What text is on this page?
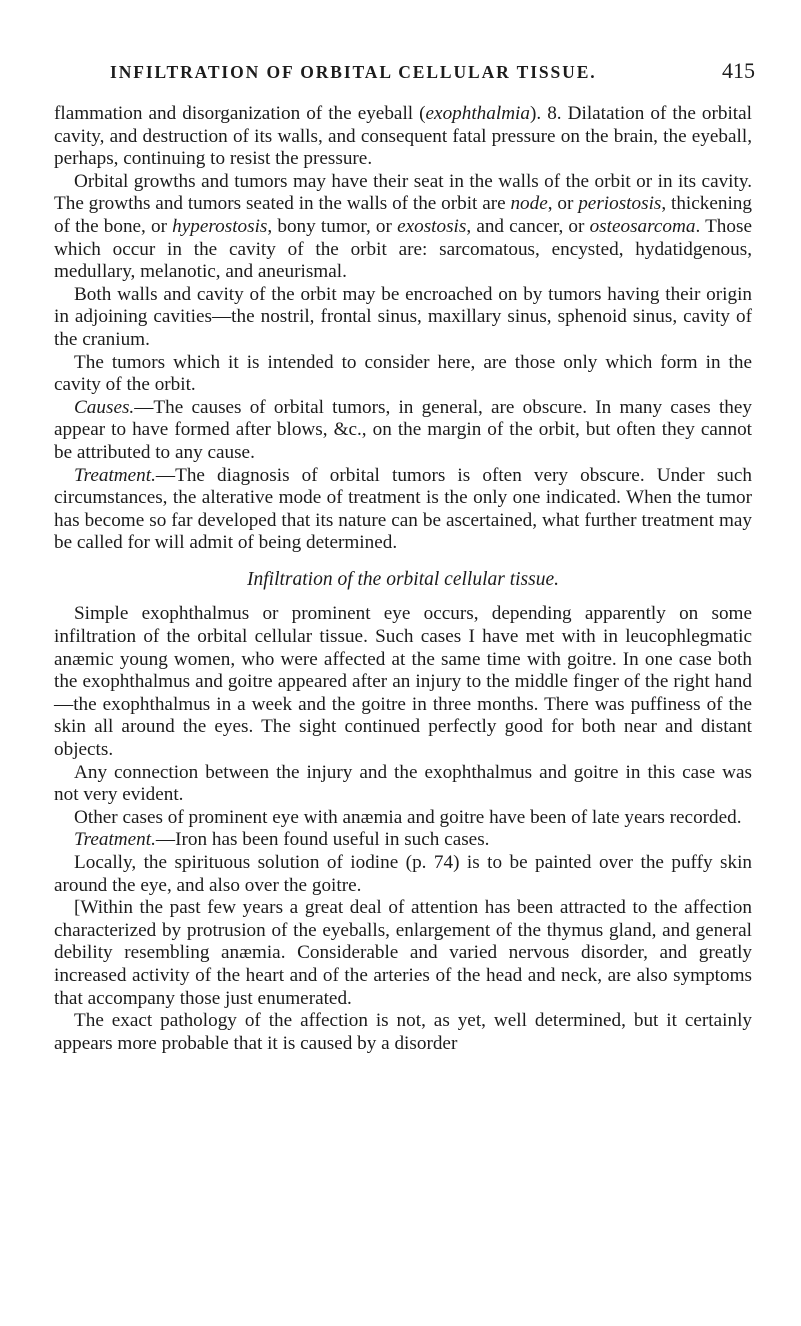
INFILTRATION OF ORBITAL CELLULAR TISSUE.	415

flammation and disorganization of the eyeball (exophthalmia). 8. Dilatation of the orbital cavity, and destruction of its walls, and consequent fatal pressure on the brain, the eyeball, perhaps, continuing to resist the pressure.

Orbital growths and tumors may have their seat in the walls of the orbit or in its cavity. The growths and tumors seated in the walls of the orbit are node, or periostosis, thickening of the bone, or hyperostosis, bony tumor, or exostosis, and cancer, or osteosarcoma. Those which occur in the cavity of the orbit are: sarcomatous, encysted, hydatidgenous, medullary, melanotic, and aneurismal.

Both walls and cavity of the orbit may be encroached on by tumors having their origin in adjoining cavities—the nostril, frontal sinus, maxillary sinus, sphenoid sinus, cavity of the cranium.

The tumors which it is intended to consider here, are those only which form in the cavity of the orbit.

Causes.—The causes of orbital tumors, in general, are obscure. In many cases they appear to have formed after blows, &c., on the margin of the orbit, but often they cannot be attributed to any cause.

Treatment.—The diagnosis of orbital tumors is often very obscure. Under such circumstances, the alterative mode of treatment is the only one indicated. When the tumor has become so far developed that its nature can be ascertained, what further treatment may be called for will admit of being determined.

Infiltration of the orbital cellular tissue.

Simple exophthalmus or prominent eye occurs, depending apparently on some infiltration of the orbital cellular tissue. Such cases I have met with in leucophlegmatic anæmic young women, who were affected at the same time with goitre. In one case both the exophthalmus and goitre appeared after an injury to the middle finger of the right hand—the exophthalmus in a week and the goitre in three months. There was puffiness of the skin all around the eyes. The sight continued perfectly good for both near and distant objects.

Any connection between the injury and the exophthalmus and goitre in this case was not very evident.

Other cases of prominent eye with anæmia and goitre have been of late years recorded.

Treatment.—Iron has been found useful in such cases.

Locally, the spirituous solution of iodine (p. 74) is to be painted over the puffy skin around the eye, and also over the goitre.

[Within the past few years a great deal of attention has been attracted to the affection characterized by protrusion of the eyeballs, enlargement of the thymus gland, and general debility resembling anæmia. Considerable and varied nervous disorder, and greatly increased activity of the heart and of the arteries of the head and neck, are also symptoms that accompany those just enumerated.

The exact pathology of the affection is not, as yet, well determined, but it certainly appears more probable that it is caused by a disorder
